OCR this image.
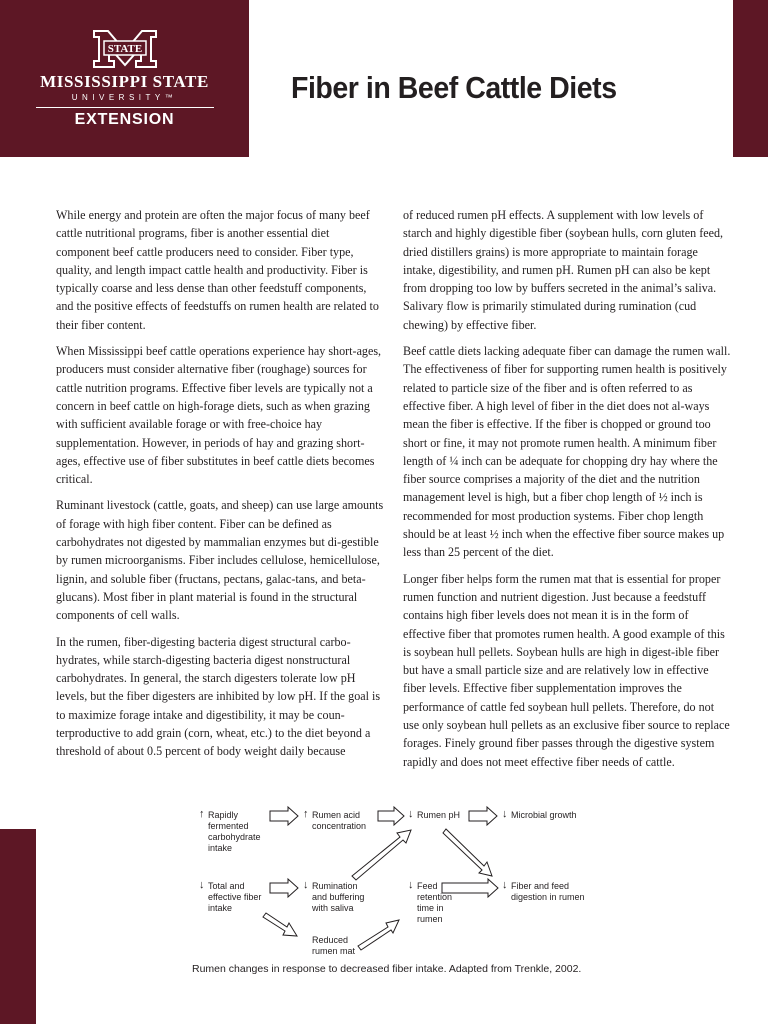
STATE
MISSISSIPPI STATE
UNIVERSITY™
EXTENSION
Fiber in Beef Cattle Diets

While energy and protein are often the major focus of many beef cattle nutritional programs, fiber is another essential diet component beef cattle producers need to consider. Fiber type, quality, and length impact cattle health and productivity. Fiber is typically coarse and less dense than other feedstuff components, and the positive effects of feedstuffs on rumen health are related to their fiber content.

When Mississippi beef cattle operations experience hay short-ages, producers must consider alternative fiber (roughage) sources for cattle nutrition programs. Effective fiber levels are typically not a concern in beef cattle on high-forage diets, such as when grazing with sufficient available forage or with free-choice hay supplementation. However, in periods of hay and grazing short-ages, effective use of fiber substitutes in beef cattle diets becomes critical.

Ruminant livestock (cattle, goats, and sheep) can use large amounts of forage with high fiber content. Fiber can be defined as carbohydrates not digested by mammalian enzymes but di-gestible by rumen microorganisms. Fiber includes cellulose, hemicellulose, lignin, and soluble fiber (fructans, pectans, galac-tans, and beta-glucans). Most fiber in plant material is found in the structural components of cell walls.

In the rumen, fiber-digesting bacteria digest structural carbo-hydrates, while starch-digesting bacteria digest nonstructural carbohydrates. In general, the starch digesters tolerate low pH levels, but the fiber digesters are inhibited by low pH. If the goal is to maximize forage intake and digestibility, it may be coun-terproductive to add grain (corn, wheat, etc.) to the diet beyond a threshold of about 0.5 percent of body weight daily because

of reduced rumen pH effects. A supplement with low levels of starch and highly digestible fiber (soybean hulls, corn gluten feed, dried distillers grains) is more appropriate to maintain forage intake, digestibility, and rumen pH. Rumen pH can also be kept from dropping too low by buffers secreted in the animal’s saliva. Salivary flow is primarily stimulated during rumination (cud chewing) by effective fiber.

Beef cattle diets lacking adequate fiber can damage the rumen wall. The effectiveness of fiber for supporting rumen health is positively related to particle size of the fiber and is often referred to as effective fiber. A high level of fiber in the diet does not al-ways mean the fiber is effective. If the fiber is chopped or ground too short or fine, it may not promote rumen health. A minimum fiber length of ¼ inch can be adequate for chopping dry hay where the fiber source comprises a majority of the diet and the nutrition management level is high, but a fiber chop length of ½ inch is recommended for most production systems. Fiber chop length should be at least ½ inch when the effective fiber source makes up less than 25 percent of the diet.

Longer fiber helps form the rumen mat that is essential for proper rumen function and nutrient digestion. Just because a feedstuff contains high fiber levels does not mean it is in the form of effective fiber that promotes rumen health. A good example of this is soybean hull pellets. Soybean hulls are high in digest-ible fiber but have a small particle size and are relatively low in effective fiber levels. Effective fiber supplementation improves the performance of cattle fed soybean hull pellets. Therefore, do not use only soybean hull pellets as an exclusive fiber source to replace forages. Finely ground fiber passes through the digestive system rapidly and does not meet effective fiber needs of cattle.

↑ Rapidly
fermented
carbohydrate
intake
↑ Rumen acid
concentration
↓ Rumen pH	↓ Microbial growth
↓ Total and
effective fiber
intake
↓ Rumination
and buffering
with saliva
↓ Feed
retention
time in
rumen
↓ Fiber and feed
digestion in rumen
Reduced
rumen mat
Rumen changes in response to decreased fiber intake. Adapted from Trenkle, 2002.
